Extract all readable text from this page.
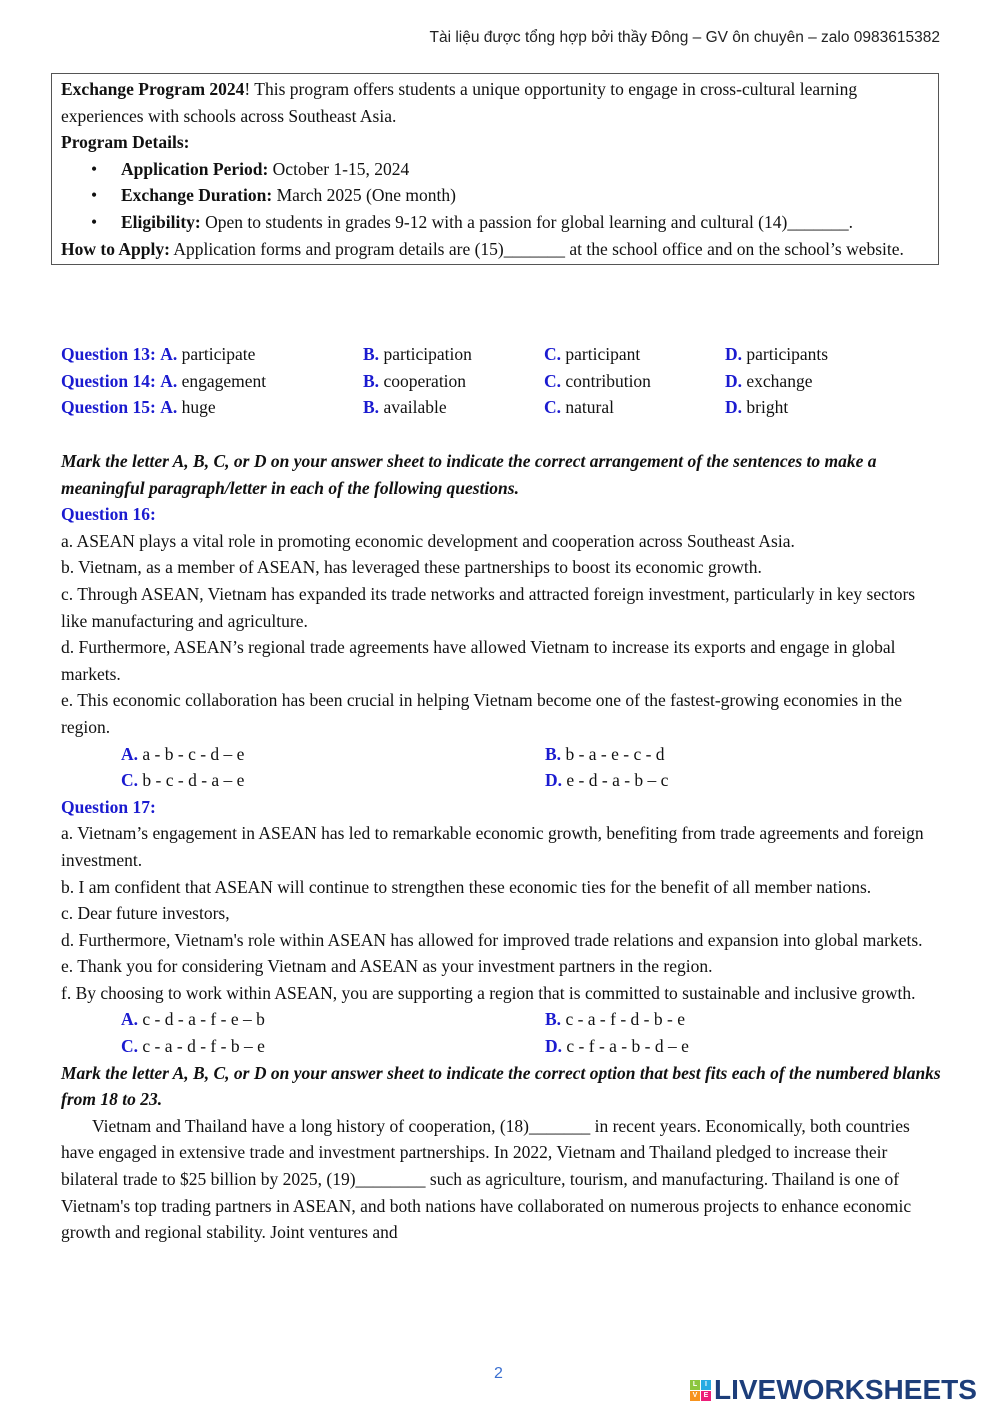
Tài liệu được tổng hợp bởi thầy Đông – GV ôn chuyên – zalo 0983615382
Exchange Program 2024! This program offers students a unique opportunity to engage in cross-cultural learning experiences with schools across Southeast Asia.
Program Details:
• Application Period: October 1-15, 2024
• Exchange Duration: March 2025 (One month)
• Eligibility: Open to students in grades 9-12 with a passion for global learning and cultural (14)_______.
How to Apply: Application forms and program details are (15)_______ at the school office and on the school’s website.
Question 13: A. participate	B. participation	C. participant	D. participants
Question 14: A. engagement	B. cooperation	C. contribution	D. exchange
Question 15: A. huge	B. available	C. natural	D. bright

Mark the letter A, B, C, or D on your answer sheet to indicate the correct arrangement of the sentences to make a meaningful paragraph/letter in each of the following questions.

Question 16:

a. ASEAN plays a vital role in promoting economic development and cooperation across Southeast Asia.

b. Vietnam, as a member of ASEAN, has leveraged these partnerships to boost its economic growth.

c. Through ASEAN, Vietnam has expanded its trade networks and attracted foreign investment, particularly in key sectors like manufacturing and agriculture.

d. Furthermore, ASEAN’s regional trade agreements have allowed Vietnam to increase its exports and engage in global markets.

e. This economic collaboration has been crucial in helping Vietnam become one of the fastest-growing economies in the region.

A. a - b - c - d – e	B. b - a - e - c - d
C. b - c - d - a – e	D. e - d - a - b – c

Question 17:

a. Vietnam’s engagement in ASEAN has led to remarkable economic growth, benefiting from trade agreements and foreign investment.

b. I am confident that ASEAN will continue to strengthen these economic ties for the benefit of all member nations.

c. Dear future investors,

d. Furthermore, Vietnam's role within ASEAN has allowed for improved trade relations and expansion into global markets.

e. Thank you for considering Vietnam and ASEAN as your investment partners in the region.

f. By choosing to work within ASEAN, you are supporting a region that is committed to sustainable and inclusive growth.

A. c - d - a - f - e – b	B. c - a - f - d - b - e
C. c - a - d - f - b – e	D. c - f - a - b - d – e

Mark the letter A, B, C, or D on your answer sheet to indicate the correct option that best fits each of the numbered blanks from 18 to 23.

Vietnam and Thailand have a long history of cooperation, (18)_______ in recent years. Economically, both countries have engaged in extensive trade and investment partnerships. In 2022, Vietnam and Thailand pledged to increase their bilateral trade to $25 billion by 2025, (19)________ such as agriculture, tourism, and manufacturing. Thailand is one of Vietnam's top trading partners in ASEAN, and both nations have collaborated on numerous projects to enhance economic growth and regional stability. Joint ventures and

2
L	I
V E LIVEWORKSHEETS
